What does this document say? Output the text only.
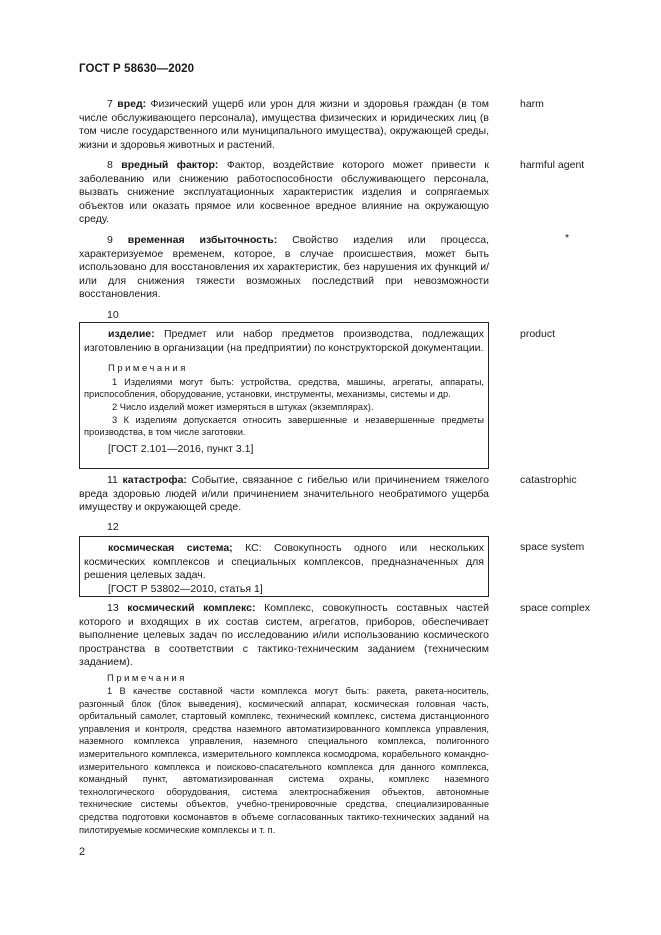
ГОСТ Р 58630—2020
7 вред: Физический ущерб или урон для жизни и здоровья граждан (в том числе обслуживающего персонала), имущества физических и юридических лиц (в том числе государственного или муниципального имущества), окружающей среды, жизни и здоровья животных и растений.
harm
8 вредный фактор: Фактор, воздействие которого может привести к заболеванию или снижению работоспособности обслуживающего персонала, вызвать снижение эксплуатационных характеристик изделия и сопрягаемых объектов или оказать прямое или косвенное вредное влияние на окружающую среду.
harmful agent
9 временная избыточность: Свойство изделия или процесса, характеризуемое временем, которое, в случае происшествия, может быть использовано для восстановления их характеристик, без нарушения их функций и/или для снижения тяжести возможных последствий при невозможности восстановления.
*
10
изделие: Предмет или набор предметов производства, подлежащих изготовлению в организации (на предприятии) по конструкторской документации.
Примечания
1 Изделиями могут быть: устройства, средства, машины, агрегаты, аппараты, приспособления, оборудование, установки, инструменты, механизмы, системы и др.
2 Число изделий может измеряться в штуках (экземплярах).
3 К изделиям допускается относить завершенные и незавершенные предметы производства, в том числе заготовки.
[ГОСТ 2.101—2016, пункт 3.1]
product
11 катастрофа: Событие, связанное с гибелью или причинением тяжелого вреда здоровью людей и/или причинением значительного необратимого ущерба имуществу и окружающей среде.
catastrophic
12
космическая система; КС: Совокупность одного или нескольких космических комплексов и специальных комплексов, предназначенных для решения целевых задач.
[ГОСТ Р 53802—2010, статья 1]
space system
13 космический комплекс: Комплекс, совокупность составных частей которого и входящих в их состав систем, агрегатов, приборов, обеспечивает выполнение целевых задач по исследованию и/или использованию космического пространства в соответствии с тактико-техническим заданием (техническим заданием).
space complex
Примечания
1 В качестве составной части комплекса могут быть: ракета, ракета-носитель, разгонный блок (блок выведения), космический аппарат, космическая головная часть, орбитальный самолет, стартовый комплекс, технический комплекс, система дистанционного управления и контроля, средства наземного автоматизированного комплекса управления, наземного комплекса управления, наземного специального комплекса, полигонного измерительного комплекса, измерительного комплекса космодрома, корабельного командно-измерительного комплекса и поисково-спасательного комплекса для данного комплекса, командный пункт, автоматизированная система охраны, комплекс наземного технологического оборудования, система электроснабжения объектов, автономные технические системы объектов, учебно-тренировочные средства, специализированные средства подготовки космонавтов в объеме согласованных тактико-технических заданий на пилотируемые космические комплексы и т. п.
2
